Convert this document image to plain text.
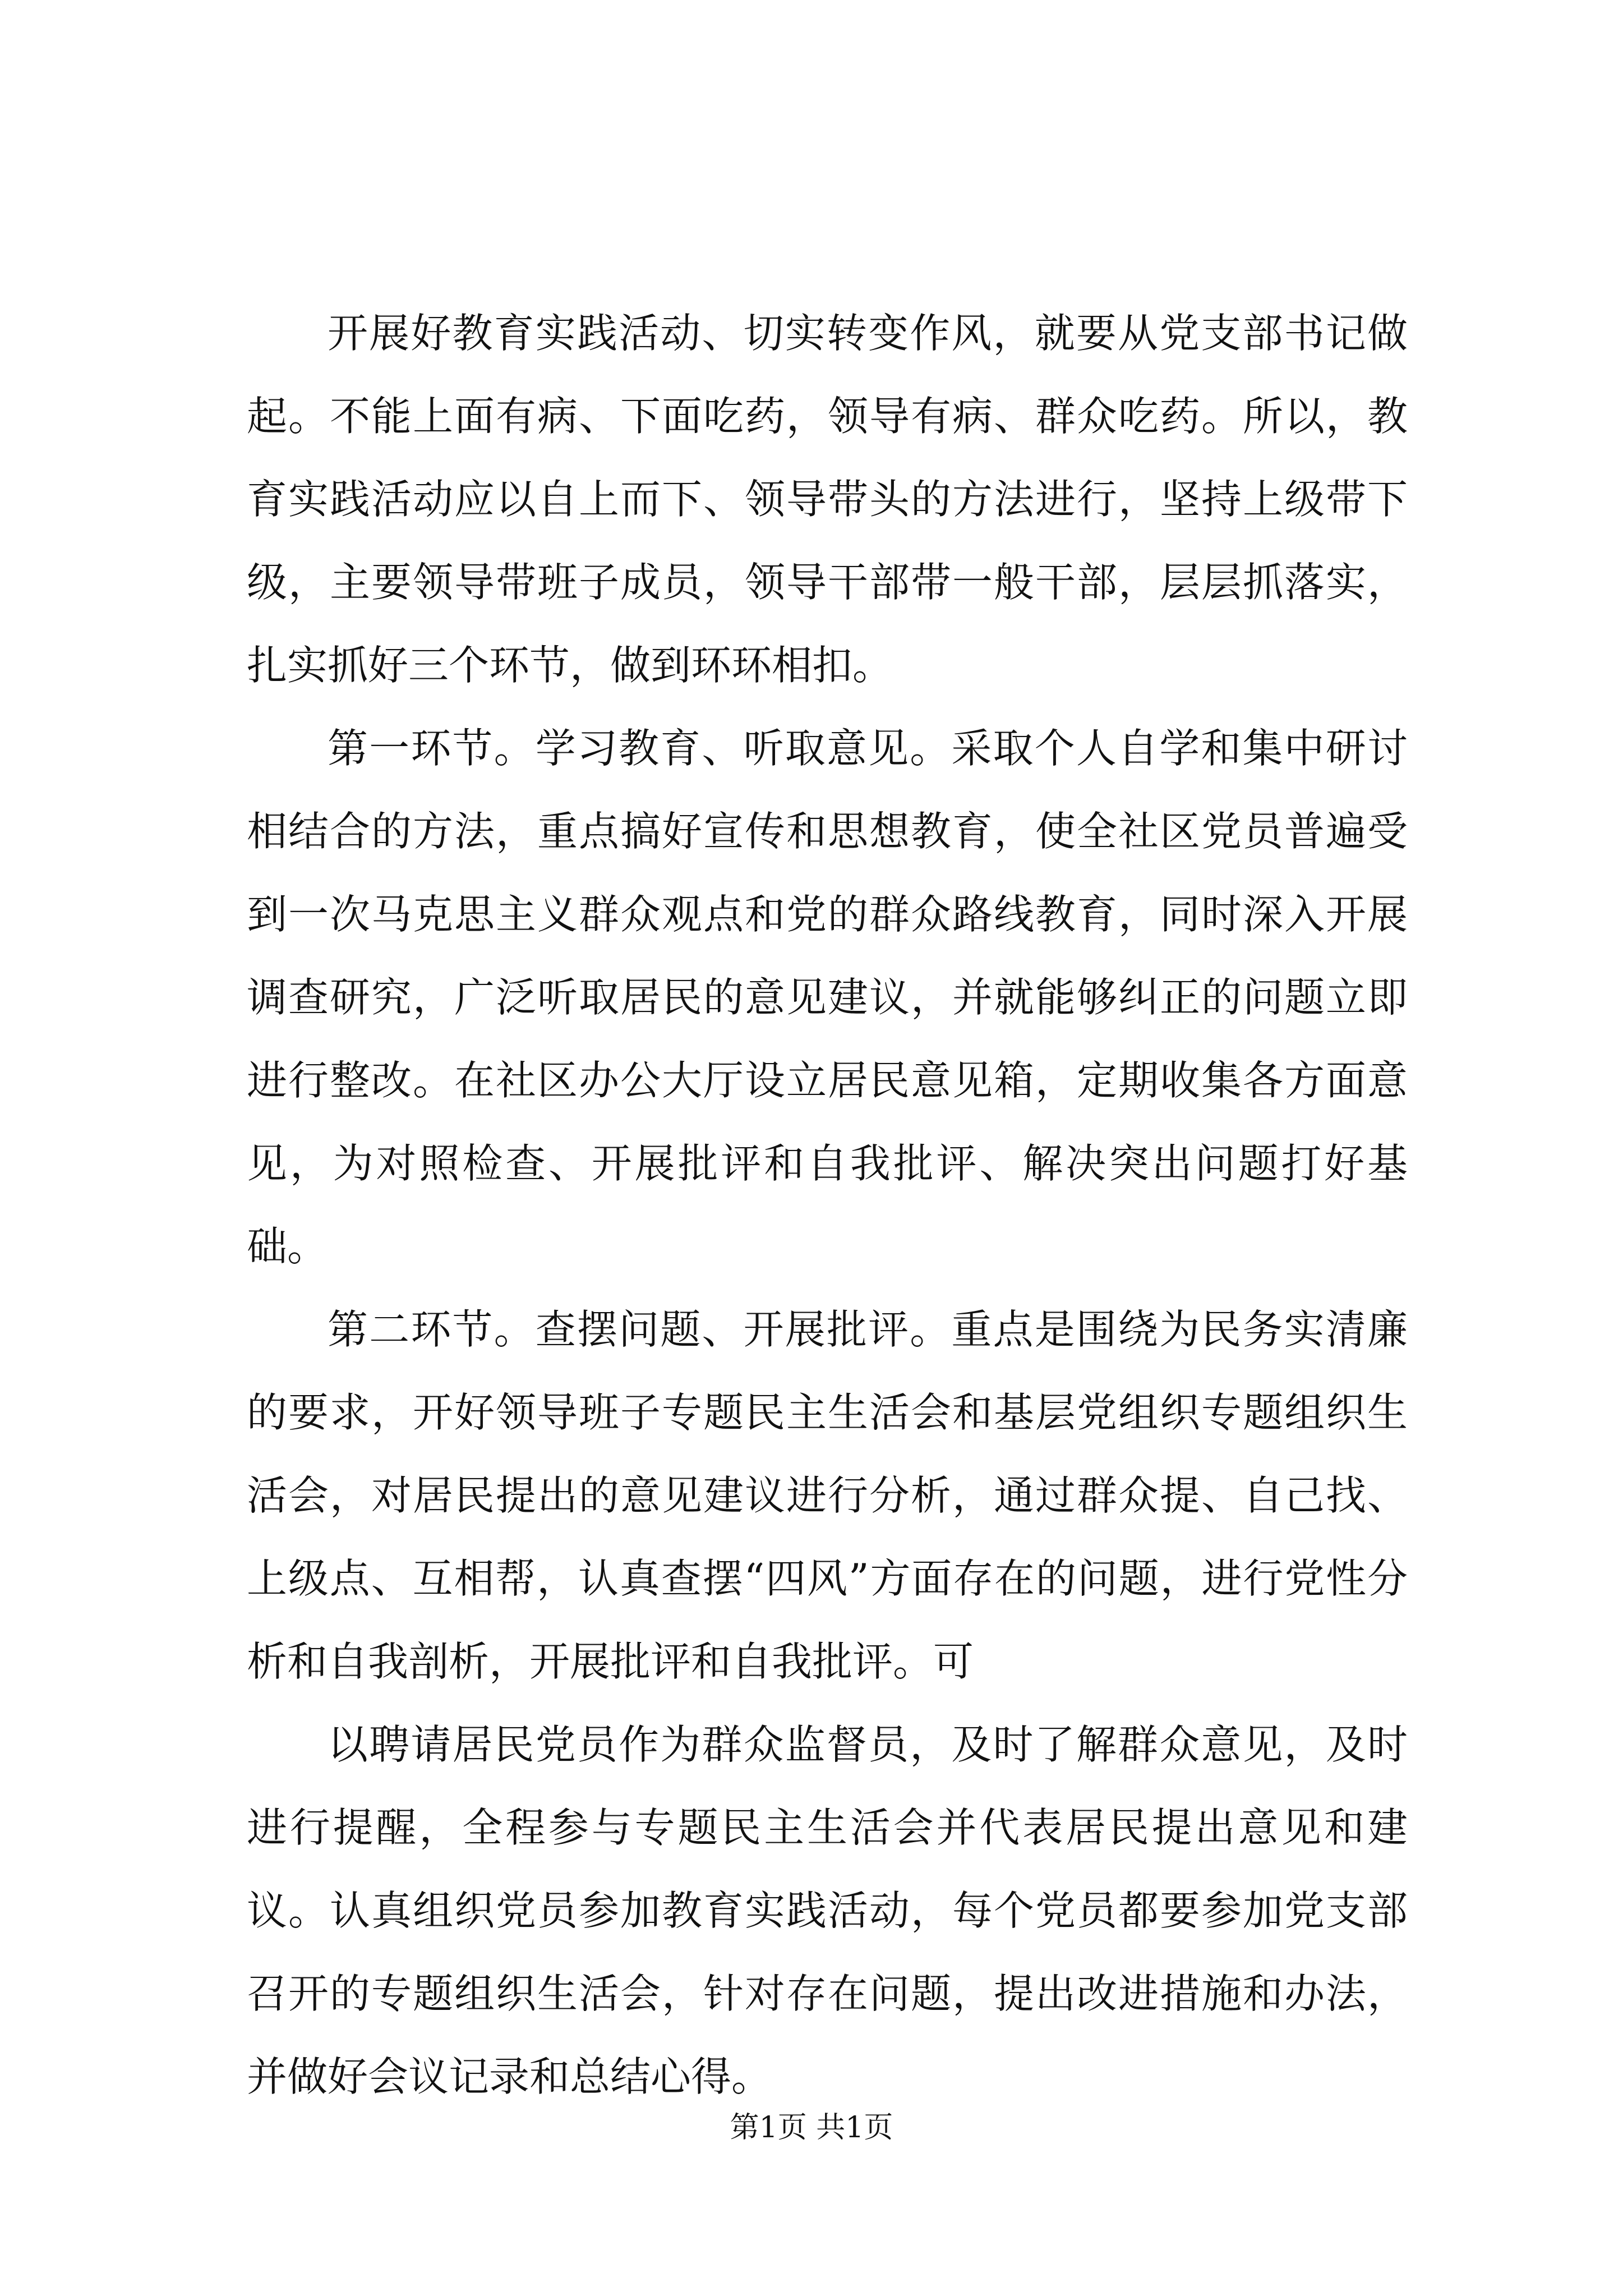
开展好教育实践活动、切实转变作风，就要从党支部书记做起。不能上面有病、下面吃药，领导有病、群众吃药。所以，教育实践活动应以自上而下、领导带头的方法进行，坚持上级带下级，主要领导带班子成员，领导干部带一般干部，层层抓落实，扎实抓好三个环节，做到环环相扣。

第一环节。学习教育、听取意见。采取个人自学和集中研讨相结合的方法，重点搞好宣传和思想教育，使全社区党员普遍受到一次马克思主义群众观点和党的群众路线教育，同时深入开展调查研究，广泛听取居民的意见建议，并就能够纠正的问题立即进行整改。在社区办公大厅设立居民意见箱，定期收集各方面意见，为对照检查、开展批评和自我批评、解决突出问题打好基础。

第二环节。查摆问题、开展批评。重点是围绕为民务实清廉的要求，开好领导班子专题民主生活会和基层党组织专题组织生活会，对居民提出的意见建议进行分析，通过群众提、自己找、上级点、互相帮，认真查摆“四风”方面存在的问题，进行党性分析和自我剖析，开展批评和自我批评。可

以聘请居民党员作为群众监督员，及时了解群众意见，及时进行提醒，全程参与专题民主生活会并代表居民提出意见和建议。认真组织党员参加教育实践活动，每个党员都要参加党支部召开的专题组织生活会，针对存在问题，提出改进措施和办法，并做好会议记录和总结心得。

第1页 共1页
